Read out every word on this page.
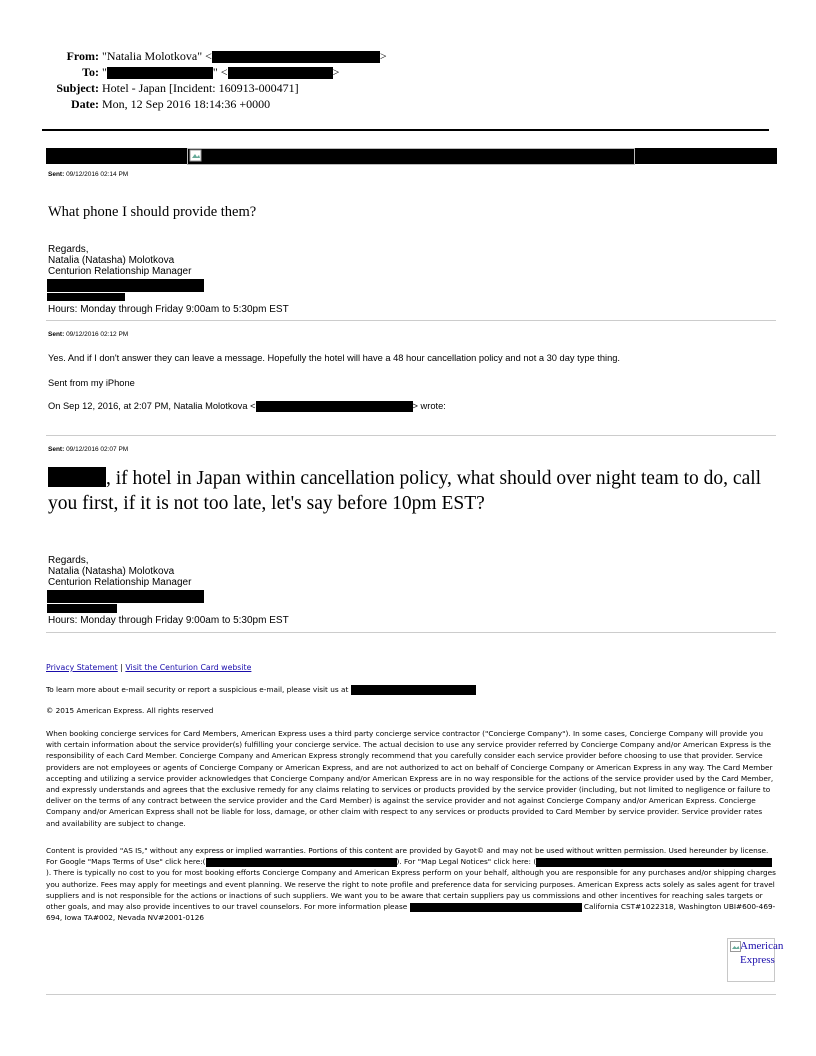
From: "Natalia Molotkova" <	>
To: "	" <	>
Subject: Hotel - Japan [Incident: 160913-000471]
Date: Mon, 12 Sep 2016 18:14:36 +0000
Sent: 09/12/2016 02:14 PM
What phone I should provide them?
Regards,
Natalia (Natasha) Molotkova
Centurion Relationship Manager
Hours: Monday through Friday 9:00am to 5:30pm EST
Sent: 09/12/2016 02:12 PM
Yes. And if I don't answer they can leave a message. Hopefully the hotel will have a 48 hour cancellation policy and not a 30 day type thing.
Sent from my iPhone
On Sep 12, 2016, at 2:07 PM, Natalia Molotkova <	> wrote:
Sent: 09/12/2016 02:07 PM
, if hotel in Japan within cancellation policy, what should over night team to do, call you first, if it is not too late, let's say before 10pm EST?
Regards,
Natalia (Natasha) Molotkova
Centurion Relationship Manager
Hours: Monday through Friday 9:00am to 5:30pm EST
Privacy Statement | Visit the Centurion Card website
To learn more about e-mail security or report a suspicious e-mail, please visit us at
© 2015 American Express. All rights reserved
When booking concierge services for Card Members, American Express uses a third party concierge service contractor ("Concierge Company"). In some cases, Concierge Company will provide you with certain information about the service provider(s) fulfilling your concierge service. The actual decision to use any service provider referred by Concierge Company and/or American Express is the responsibility of each Card Member. Concierge Company and American Express strongly recommend that you carefully consider each service provider before choosing to use that provider. Service providers are not employees or agents of Concierge Company or American Express, and are not authorized to act on behalf of Concierge Company or American Express in any way. The Card Member accepting and utilizing a service provider acknowledges that Concierge Company and/or American Express are in no way responsible for the actions of the service provider used by the Card Member, and expressly understands and agrees that the exclusive remedy for any claims relating to services or products provided by the service provider (including, but not limited to negligence or failure to deliver on the terms of any contract between the service provider and the Card Member) is against the service provider and not against Concierge Company and/or American Express. Concierge Company and/or American Express shall not be liable for loss, damage, or other claim with respect to any services or products provided to Card Member by service provider. Service provider rates and availability are subject to change.
Content is provided "AS IS," without any express or implied warranties. Portions of this content are provided by Gayot© and may not be used without written permission. Used hereunder by license. For Google "Maps Terms of Use" click here:(	). For "Map Legal Notices" click here: (). There is typically no cost to you for most booking efforts Concierge Company and American Express perform on your behalf, although you are responsible for any purchases and/or shipping charges you authorize. Fees may apply for meetings and event planning. We reserve the right to note profile and preference data for servicing purposes. American Express acts solely as sales agent for travel suppliers and is not responsible for the actions or inactions of such suppliers. We want you to be aware that certain suppliers pay us commissions and other incentives for reaching sales targets or other goals, and may also provide incentives to our travel counselors. For more information please	California CST#1022318, Washington UBI#600-469-694, Iowa TA#002, Nevada NV#2001-0126
American Express
